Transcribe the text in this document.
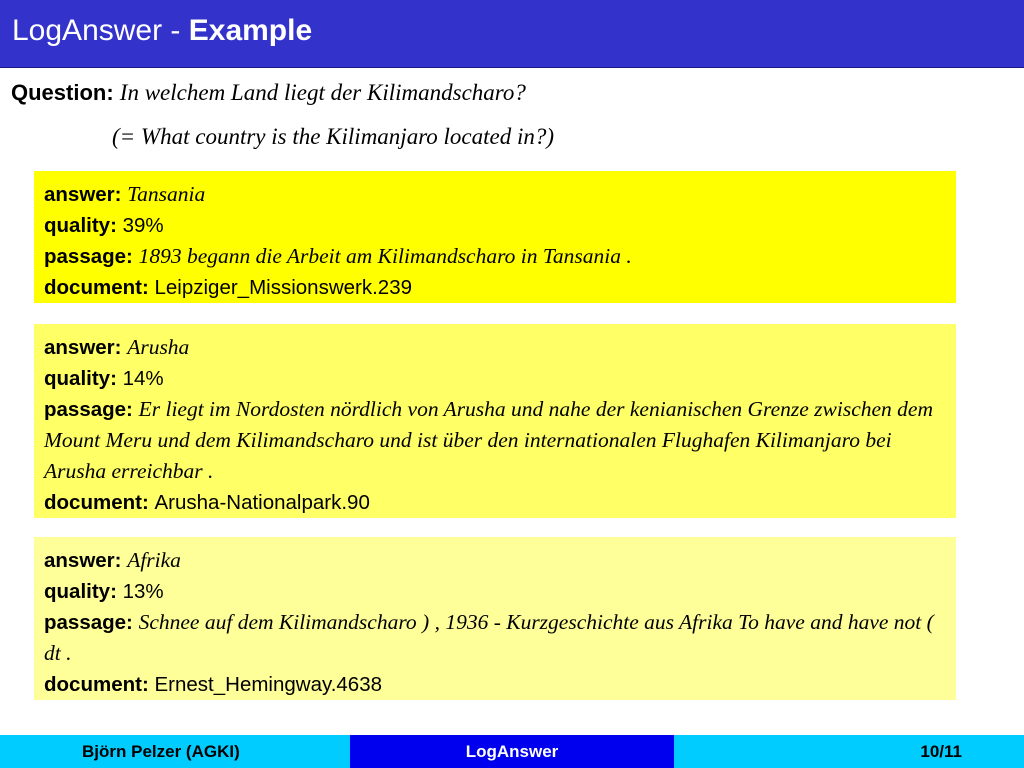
LogAnswer - Example
Question: In welchem Land liegt der Kilimandscharo?
(= What country is the Kilimanjaro located in?)
answer: Tansania
quality: 39%
passage: 1893 begann die Arbeit am Kilimandscharo in Tansania .
document: Leipziger_Missionswerk.239
answer: Arusha
quality: 14%
passage: Er liegt im Nordosten nördlich von Arusha und nahe der kenianischen Grenze zwischen dem Mount Meru und dem Kilimandscharo und ist über den internationalen Flughafen Kilimanjaro bei Arusha erreichbar .
document: Arusha-Nationalpark.90
answer: Afrika
quality: 13%
passage: Schnee auf dem Kilimandscharo ) , 1936 - Kurzgeschichte aus Afrika To have and have not ( dt .
document: Ernest_Hemingway.4638
Björn Pelzer (AGKI)	LogAnswer	10/11
